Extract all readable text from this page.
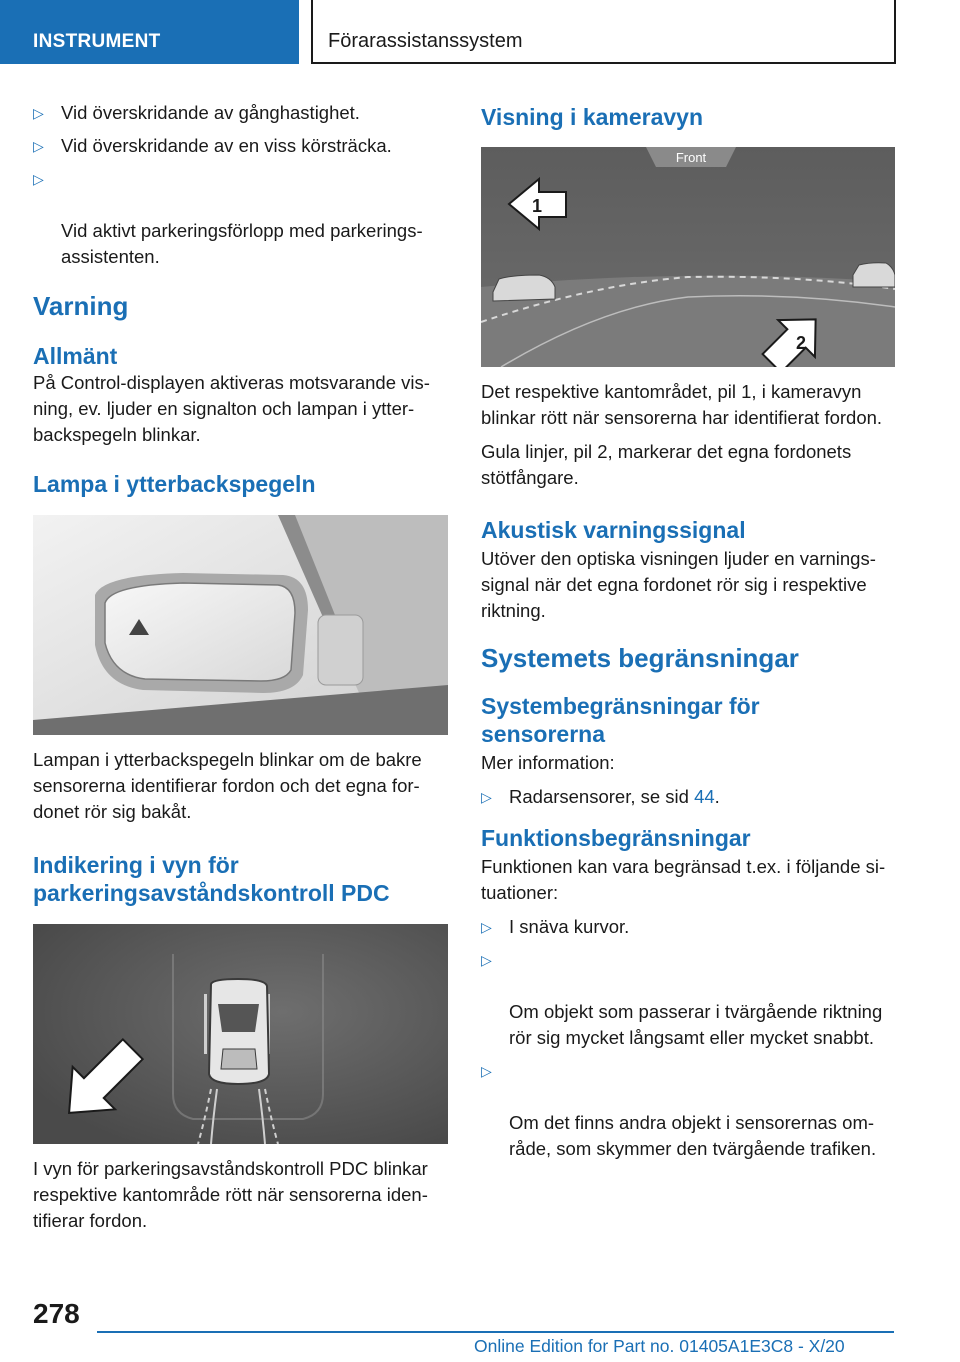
INSTRUMENT	Förarassistanssystem
▷ Vid överskridande av gånghastighet.
▷ Vid överskridande av en viss körsträcka.

▷

Vid aktivt parkeringsförlopp med parkerings-
assistenten.

Varning
Allmänt
På Control-displayen aktiveras motsvarande vis-
ning, ev. ljuder en signalton och lampan i ytter-
backspegeln blinkar.
Lampa i ytterbackspegeln
Lampan i ytterbackspegeln blinkar om de bakre
sensorerna identifierar fordon och det egna for-
donet rör sig bakåt.
Indikering i vyn för
parkeringsavståndskontroll PDC
I vyn för parkeringsavståndskontroll PDC blinkar
respektive kantområde rött när sensorerna iden-
tifierar fordon.
Visning i kameravyn
Front
1
2
Det respektive kantområdet, pil 1, i kameravyn
blinkar rött när sensorerna har identifierat fordon.
Gula linjer, pil 2, markerar det egna fordonets
stötfångare.
Akustisk varningssignal
Utöver den optiska visningen ljuder en varnings-
signal när det egna fordonet rör sig i respektive
riktning.
Systemets begränsningar
Systembegränsningar för
sensorerna
Mer information:
▷ Radarsensorer, se sid 44.
Funktionsbegränsningar
Funktionen kan vara begränsad t.ex. i följande si-
tuationer:
▷ I snäva kurvor.

▷

Om objekt som passerar i tvärgående riktning
rör sig mycket långsamt eller mycket snabbt.

▷

Om det finns andra objekt i sensorernas om-
råde, som skymmer den tvärgående trafiken.

278
Online Edition for Part no. 01405A1E3C8 - X/20
